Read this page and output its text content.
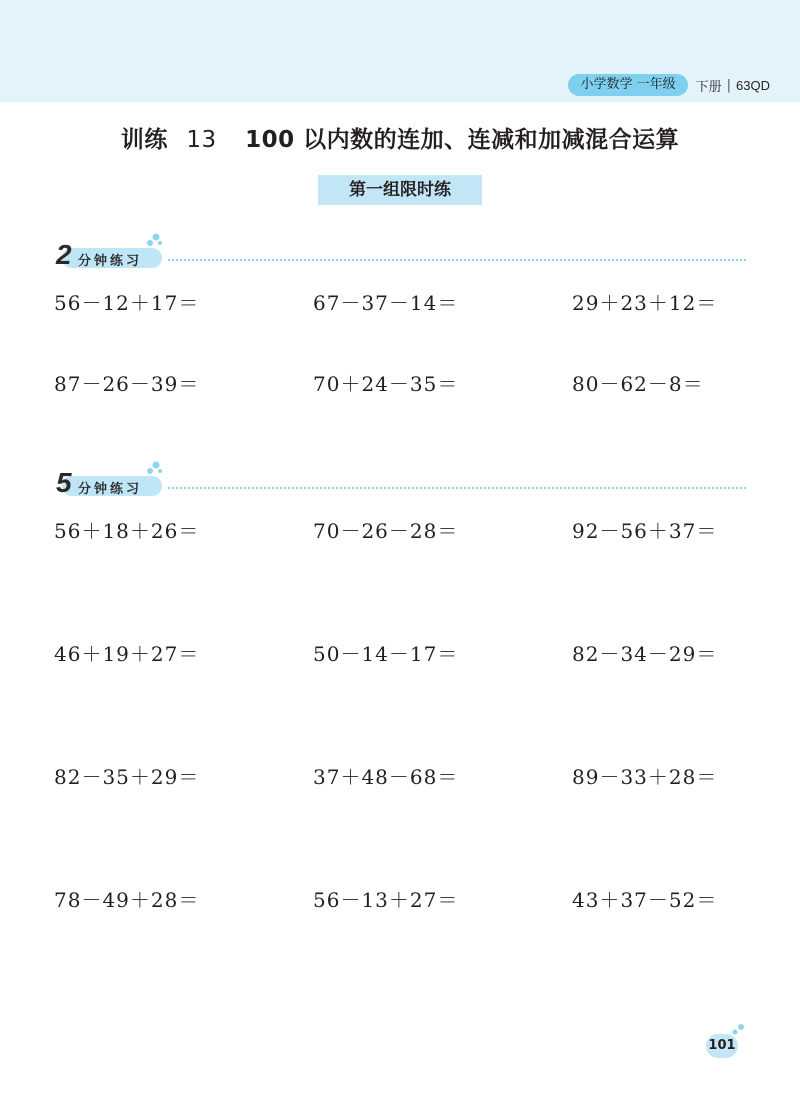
小学数学 一年级	下册 | 63QD
训练 13 100 以内数的连加、连减和加减混合运算
第一组限时练
2 分钟练习
56－12＋17＝	67－37－14＝	29＋23＋12＝
87－26－39＝	70＋24－35＝	80－62－8＝
5 分钟练习
56＋18＋26＝	70－26－28＝	92－56＋37＝
46＋19＋27＝	50－14－17＝	82－34－29＝
82－35＋29＝	37＋48－68＝	89－33＋28＝
78－49＋28＝	56－13＋27＝	43＋37－52＝
101
